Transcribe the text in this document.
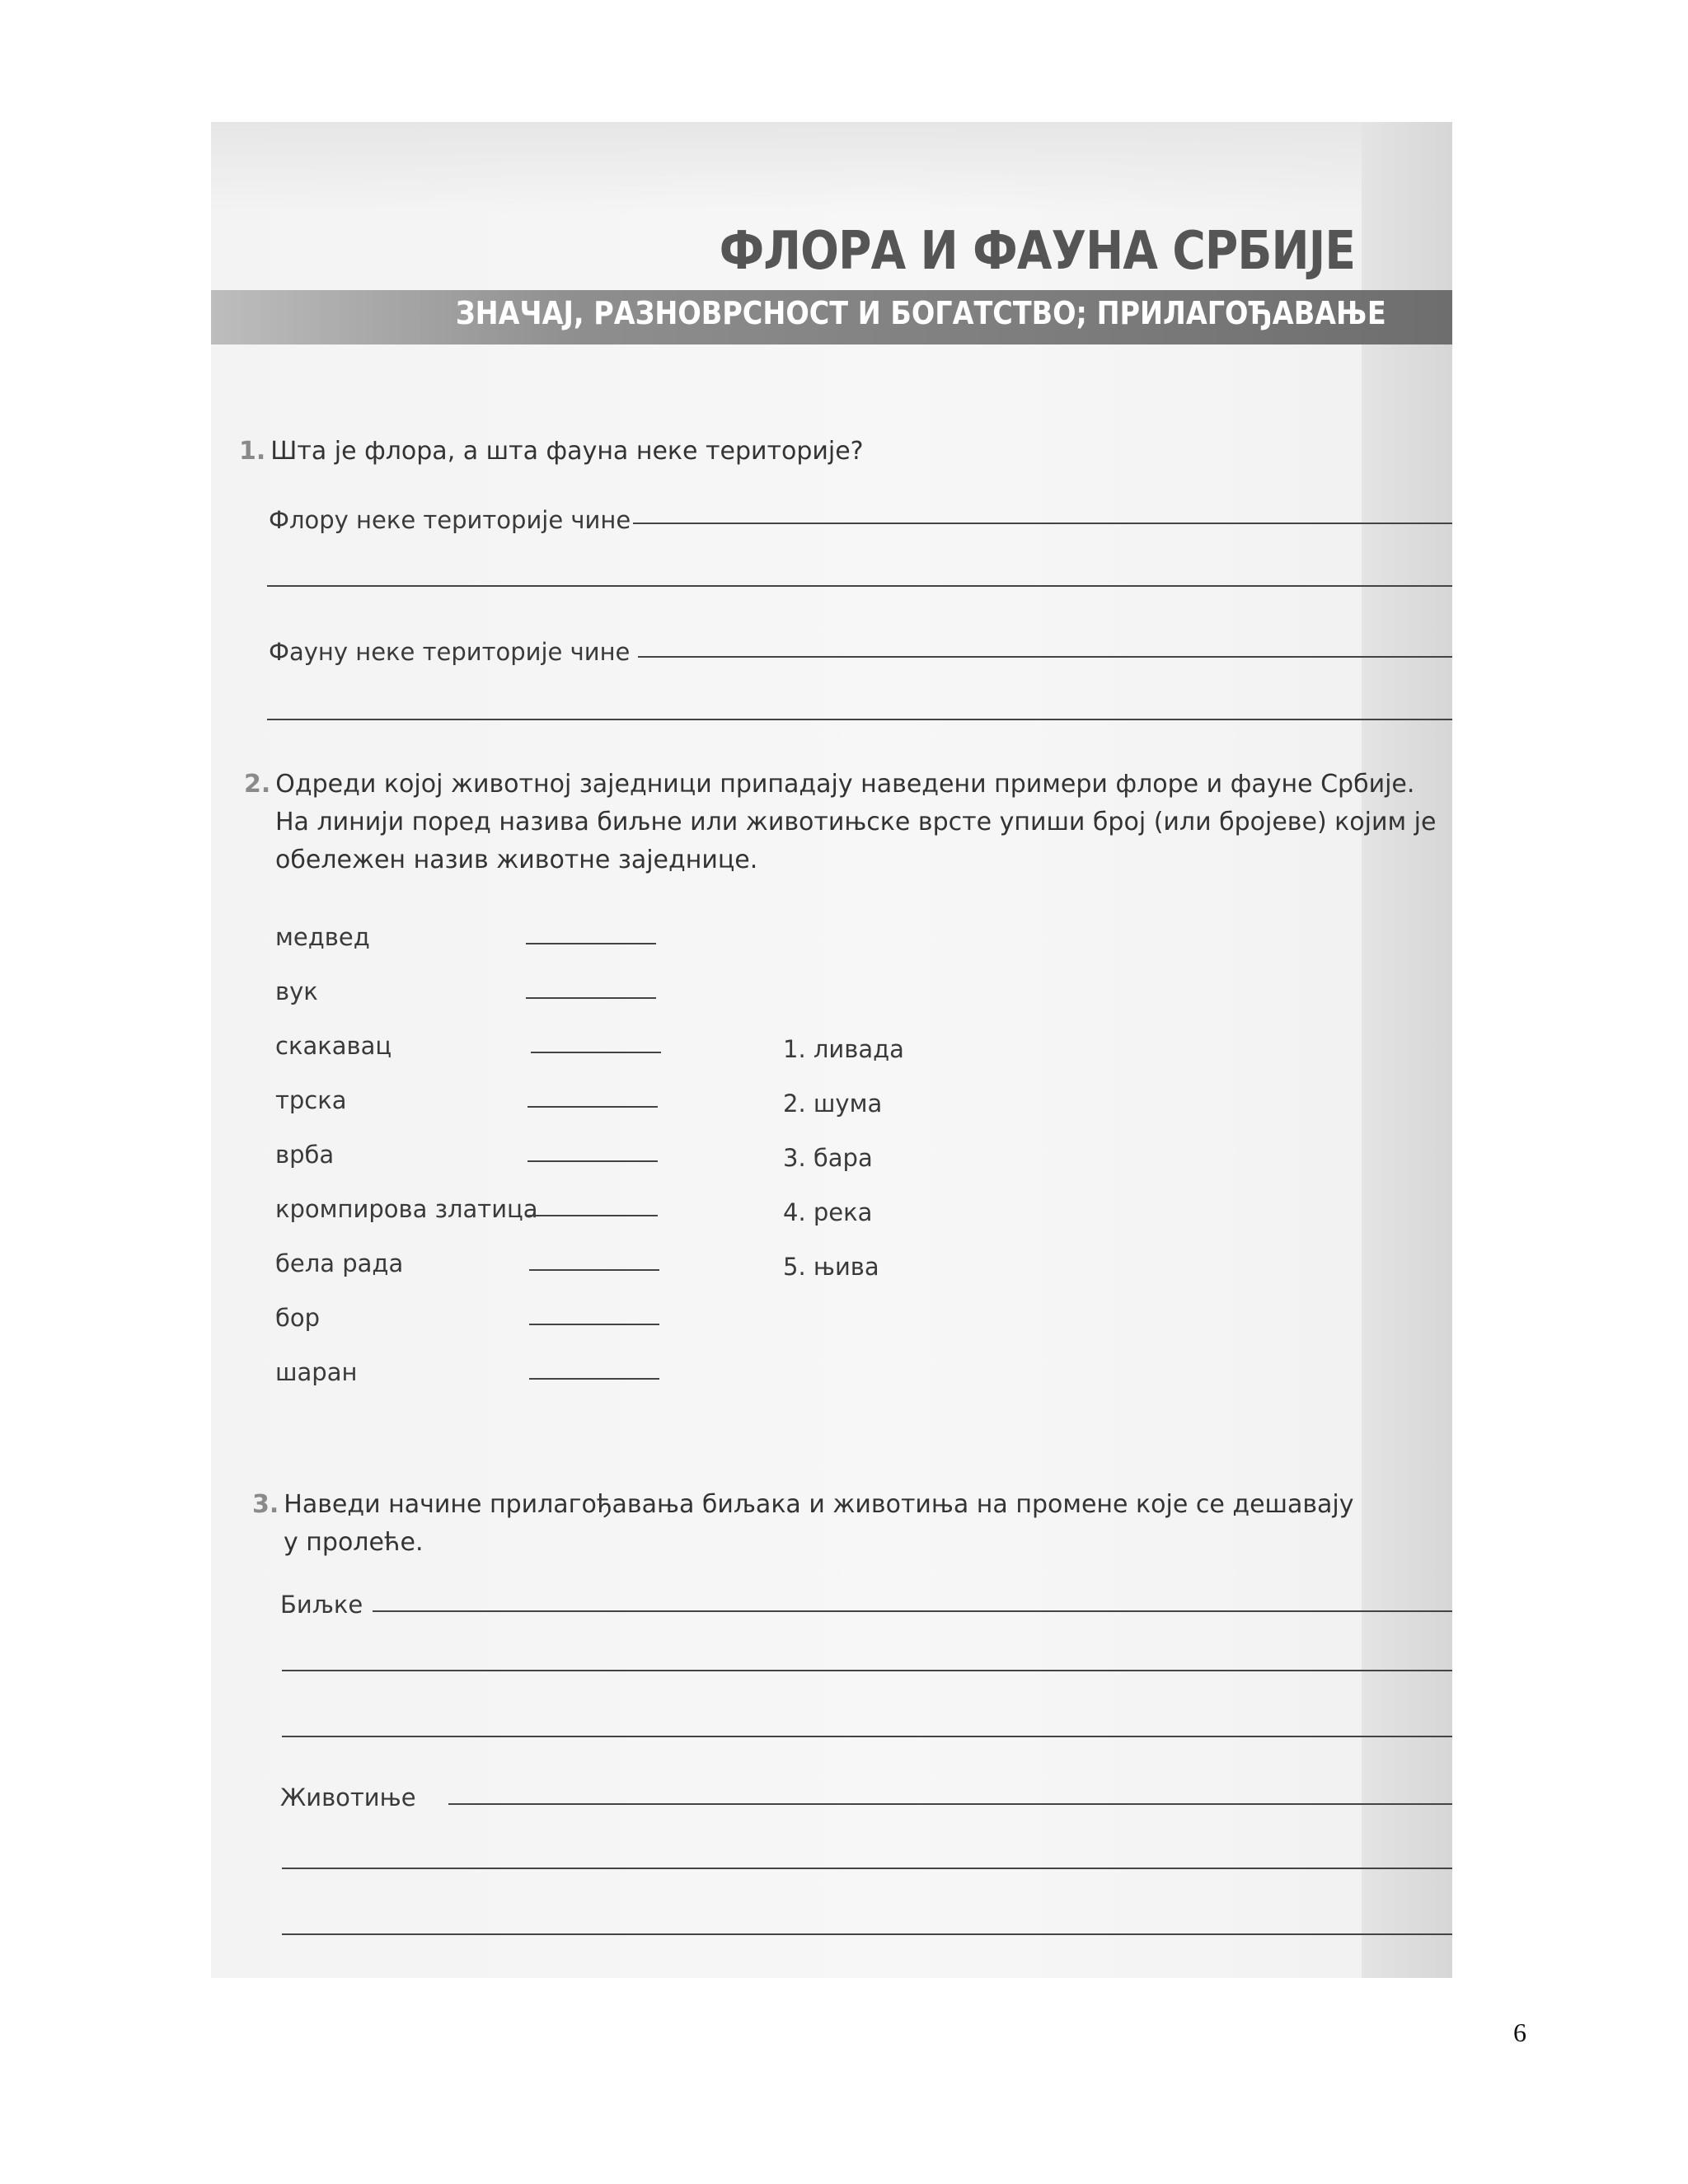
ФЛОРА И ФАУНА СРБИЈЕ
ЗНАЧАЈ, РАЗНОВРСНОСТ И БОГАТСТВО; ПРИЛАГОЂАВАЊЕ

1. Шта је флора, а шта фауна неке територије?

Флору неке територије чине
Фауну неке територије чине

2. Одреди којој животној заједници припадају наведени примери флоре и фауне Србије.

На линији поред назива биљне или животињске врсте упиши број (или бројеве) којим је

обележен назив животне заједнице.

медвед
вук
скакавац
трска
врба
кромпирова златица
бела рада
бор
шаран
1. ливада
2. шума
3. бара
4. река
5. њива

3. Наведи начине прилагођавања биљака и животиња на промене које се дешавају

у пролеће.

Биљке
Животиње
6
